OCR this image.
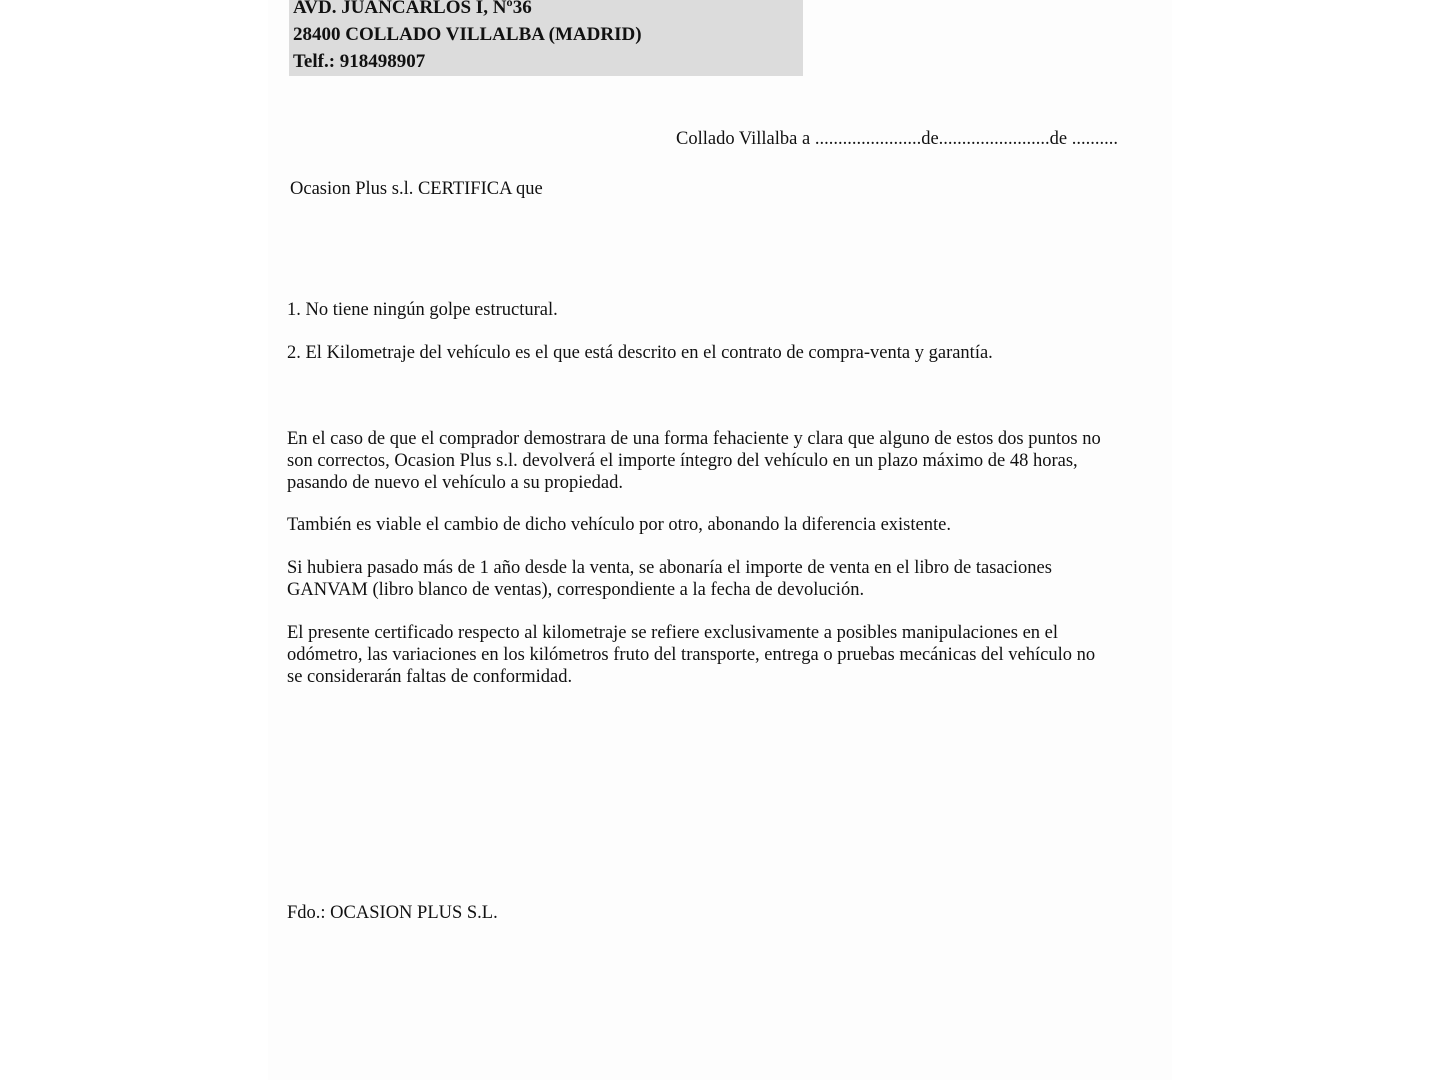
AVD. JUANCARLOS I, Nº36
28400 COLLADO VILLALBA (MADRID)
Telf.: 918498907
Collado Villalba a .......................de........................de ..........
Ocasion Plus s.l. CERTIFICA que
1. No tiene ningún golpe estructural.
2. El Kilometraje del vehículo es el que está descrito en el contrato de compra-venta y garantía.
En el caso de que el comprador demostrara de una forma fehaciente y clara que alguno de estos dos puntos no
son correctos, Ocasion Plus s.l. devolverá el importe íntegro del vehículo en un plazo máximo de 48 horas,
pasando de nuevo el vehículo a su propiedad.
También es viable el cambio de dicho vehículo por otro, abonando la diferencia existente.
Si hubiera pasado más de 1 año desde la venta, se abonaría el importe de venta en el libro de tasaciones
GANVAM (libro blanco de ventas), correspondiente a la fecha de devolución.
El presente certificado respecto al kilometraje se refiere exclusivamente a posibles manipulaciones en el
odómetro, las variaciones en los kilómetros fruto del transporte, entrega o pruebas mecánicas del vehículo no
se considerarán faltas de conformidad.
Fdo.: OCASION PLUS S.L.
